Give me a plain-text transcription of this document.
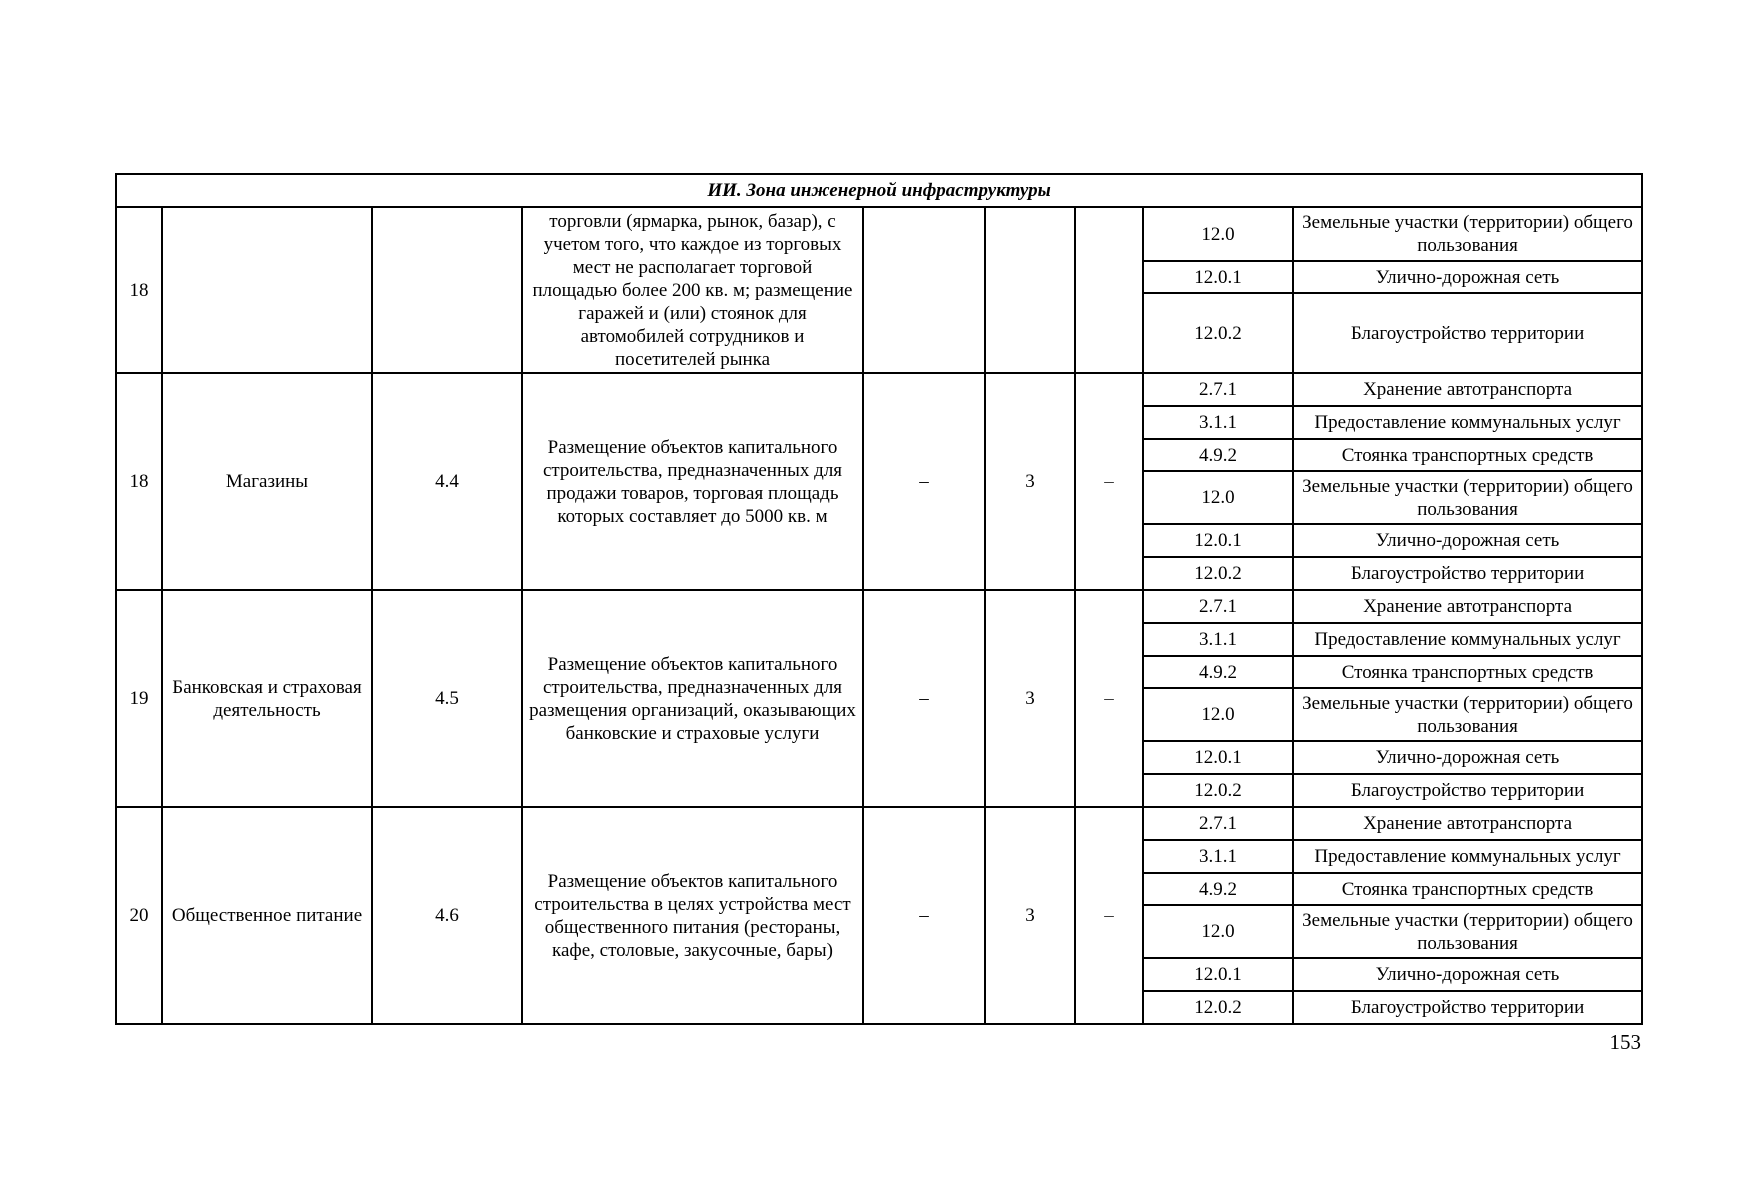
ИИ. Зона инженерной инфраструктуры								
18			торговли (ярмарка, рынок, базар), с учетом того, что каждое из торговых мест не располагает торговой площадью более 200 кв. м; размещение гаражей и (или) стоянок для автомобилей сотрудников и посетителей рынка				12.0	Земельные участки (территории) общего пользования
							12.0.1	Улично-дорожная сеть
							12.0.2	Благоустройство территории
18	Магазины	4.4	Размещение объектов капитального строительства, предназначенных для продажи товаров, торговая площадь которых составляет до 5000 кв. м	–	3	–	2.7.1	Хранение автотранспорта
							3.1.1	Предоставление коммунальных услуг
							4.9.2	Стоянка транспортных средств
							12.0	Земельные участки (территории) общего пользования
							12.0.1	Улично-дорожная сеть
							12.0.2	Благоустройство территории
19	Банковская и страховая деятельность	4.5	Размещение объектов капитального строительства, предназначенных для размещения организаций, оказывающих банковские и страховые услуги	–	3	–	2.7.1	Хранение автотранспорта
							3.1.1	Предоставление коммунальных услуг
							4.9.2	Стоянка транспортных средств
							12.0	Земельные участки (территории) общего пользования
							12.0.1	Улично-дорожная сеть
							12.0.2	Благоустройство территории
20	Общественное питание	4.6	Размещение объектов капитального строительства в целях устройства мест общественного питания (рестораны, кафе, столовые, закусочные, бары)	–	3	–	2.7.1	Хранение автотранспорта
							3.1.1	Предоставление коммунальных услуг
							4.9.2	Стоянка транспортных средств
							12.0	Земельные участки (территории) общего пользования
							12.0.1	Улично-дорожная сеть
							12.0.2	Благоустройство территории
153
